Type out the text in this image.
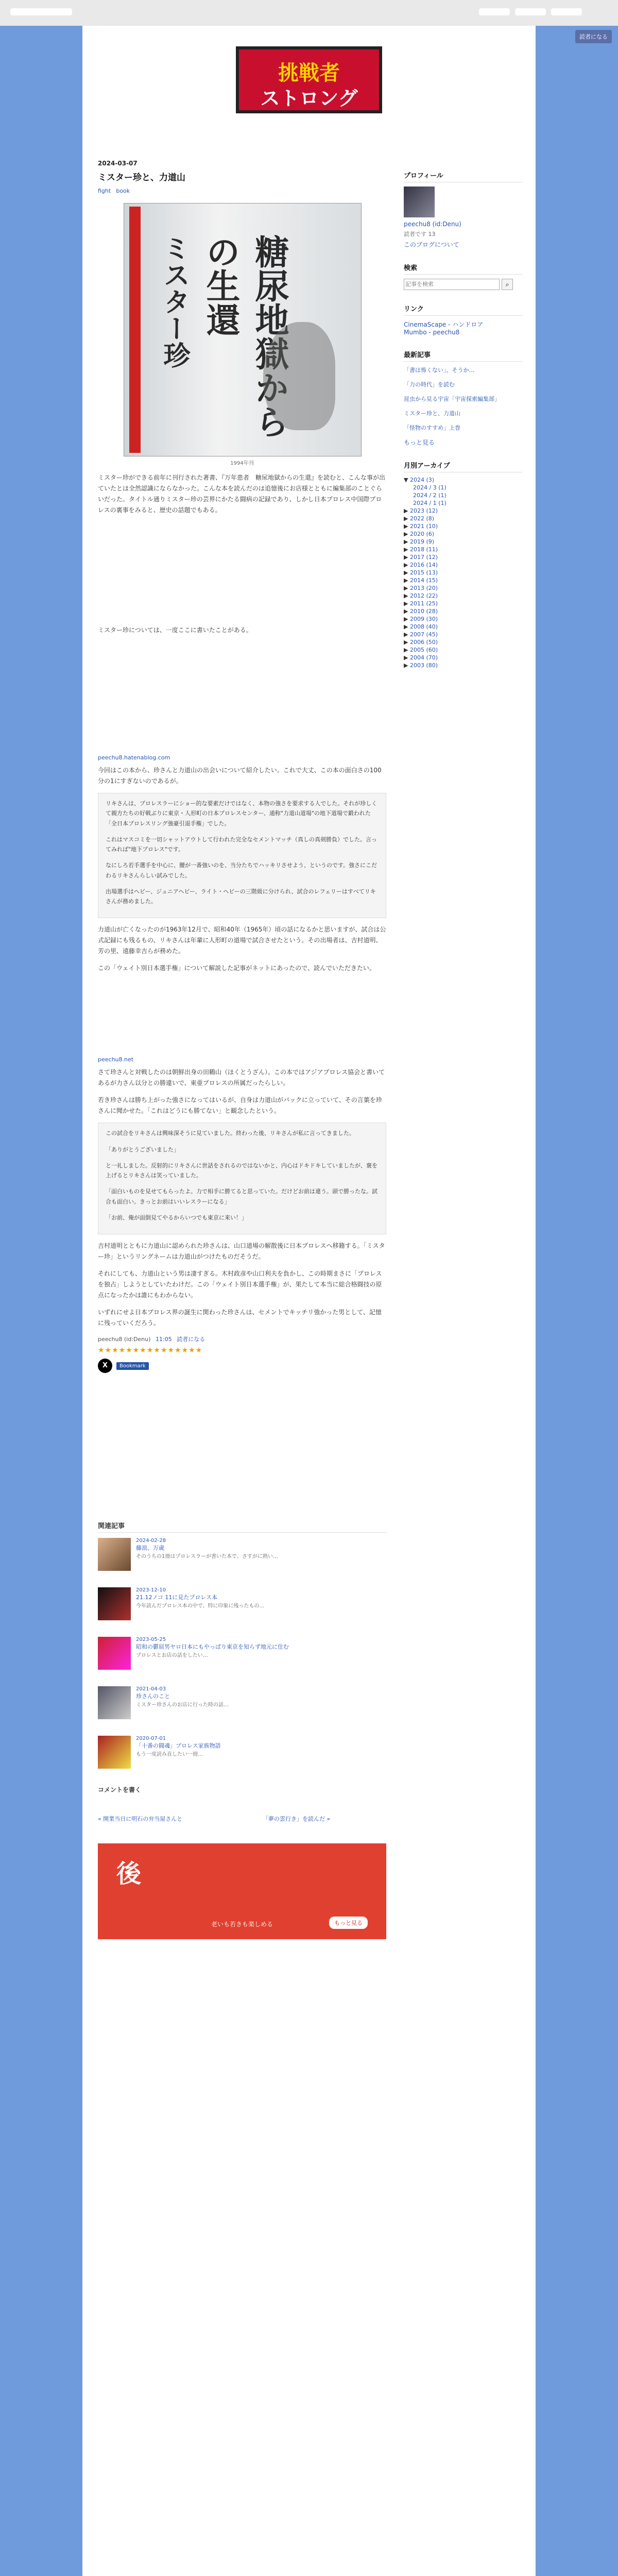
読者になる
挑戦者
ストロング
2024-03-07
ミスター珍と、力道山
fight book
糖尿地獄からの生還
ミスター珍
1994年刊

ミスター珍ができる前年に刊行された著書、『万年患者　糖尿地獄からの生還』を読むと、こんな事が出ていたとは全然認識にならなかった。こんな本を読んだのは追憶後にお店様とともに編集部のことぐらいだった。タイトル通りミスター珍の芸界にかたる闘病の記録であり、しかし日本プロレス中国際プロレスの裏事をみると、歴史の話題でもある。

ミスター珍については、一度ここに書いたことがある。

peechu8.hatenablog.com

今回はこの本から、珍さんと力道山の出会いについて紹介したい。これで大丈、この本の面白さの100分の1にすぎないのであるが。

リキさんは、プロレスラーにショー的な要素だけではなく、本物の強さを要求する人でした。それが珍しくて親方たちの好戦ぶりに東京・人形町の日本プロレスセンター、通称"力道山道場"の地下道場で鍛われた「全日本プロレスリング強豪引退手権」でした。

これはマスコミを一切シャットアウトして行われた完全なセメントマッチ（真しの真剣勝負）でした。言ってみれば"地下プロレス"です。

なにしろ若手選手を中心に、腰が一番強いのを、当分たちでハッキリさせよう、というのです。強さにこだわるリキさんらしい試みでした。

出場選手はヘビー、ジュニアヘビー、ライト・ヘビーの三階級に分けられ、試合のレフェリーはすべてリキさんが務めました。

力道山が亡くなったのが1963年12月で、昭和40年（1965年）頃の話になるかと思いますが、試合は公式記録にも残るもの、リキさんは年輩に人形町の道場で試合させたという。その出場者は、吉村道明、芳の里、遠藤幸吉らが務めた。

この「ウェイト別日本選手権」について解説した記事がネットにあったので、読んでいただきたい。

peechu8.net

さて珍さんと対戦したのは朝鮮出身の田鶴山（ほくとうざん）。この本ではアジアプロレス協会と書いてあるが力さん以分との勝違いで、東亜プロレスの所属だったらしい。

若き珍さんは勝ち上がった強さになってはいるが、自身は力道山がバックに立っていて、その言葉を珍さんに聞かせた。「これはどうにも勝てない」と観念したという。

この試合をリキさんは興味深そうに見ていました。終わった後、リキさんが私に言ってきました。

「ありがとうございました」

と一礼しました。反射的にリキさんに世話をされるのではないかと、内心はドキドキしていましたが、褒を上げるとリキさんは笑っていました。

「面白いものを見せてもらったよ。力で相手に勝てると思っていた。だけどお前は違う。頭で勝ったな。試合も面白い。きっとお前はいいレスラーになる」

「お前、俺が面倒見てやるからいつでも東京に来い！」

吉村道明とともに力道山に認められた珍さんは、山口道場の解散後に日本プロレスへ移籍する。「ミスター珍」というリングネームは力道山がつけたものだそうだ。

それにしても、力道山という男は凄すぎる。木村政彦や山口利夫を負かし、この時期まさに「プロレスを独占」しようとしていたわけだ。この「ウェイト別日本選手権」が、果たして本当に総合格闘技の原点になったかは誰にもわからない。

いずれにせよ日本プロレス界の誕生に関わった珍さんは、セメントでキッチリ強かった男として、記憶に残っていくだろう。

peechu8 (id:Denu) 11:05 読者になる
★★★★★★★★★★★★★★★
X	Bookmark
関連記事
2024-02-28
藤浪、万歳
そのうちの1冊はプロレスラーが書いた本で、さすがに熱い…
2023-12-10
21.12ノコ 11に見たプロレス本
今年読んだプロレス本の中で、特に印象に残ったもの…
2023-05-25
昭和の鬱屈男ヤロ日本にもやっぱり東京を知らず地元に住む
プロレスとお店の話をしたい…
2021-04-03
珍さんのこと
ミスター珍さんのお店に行った時の話…
2020-07-01
「十番の闘魂」プロレス家族物語
もう一度読み直したい一冊…
コメントを書く
« 開業当日に明石の弁当屋さんと	「夢の雲行き」を読んだ »
後
老いも若きも楽しめる	もっと見る
プロフィール
peechu8 (id:Denu)
読者です 13
このブログについて
検索
記事を検索
⌕
リンク
CinemaScape - ハンドロア
Mumbo - peechu8
最新記事
「書は怖くない」、そうか…
「力の時代」を読む
昆虫から見る宇宙「宇宙探索編集部」
ミスター珍と、力道山
「怪物のすすめ」上巻
もっと見る
月別アーカイブ
▼ 2024 (3)
2024 / 3 (1)
2024 / 2 (1)
2024 / 1 (1)
▶ 2023 (12)
▶ 2022 (8)
▶ 2021 (10)
▶ 2020 (6)
▶ 2019 (9)
▶ 2018 (11)
▶ 2017 (12)
▶ 2016 (14)
▶ 2015 (13)
▶ 2014 (15)
▶ 2013 (20)
▶ 2012 (22)
▶ 2011 (25)
▶ 2010 (28)
▶ 2009 (30)
▶ 2008 (40)
▶ 2007 (45)
▶ 2006 (50)
▶ 2005 (60)
▶ 2004 (70)
▶ 2003 (80)
